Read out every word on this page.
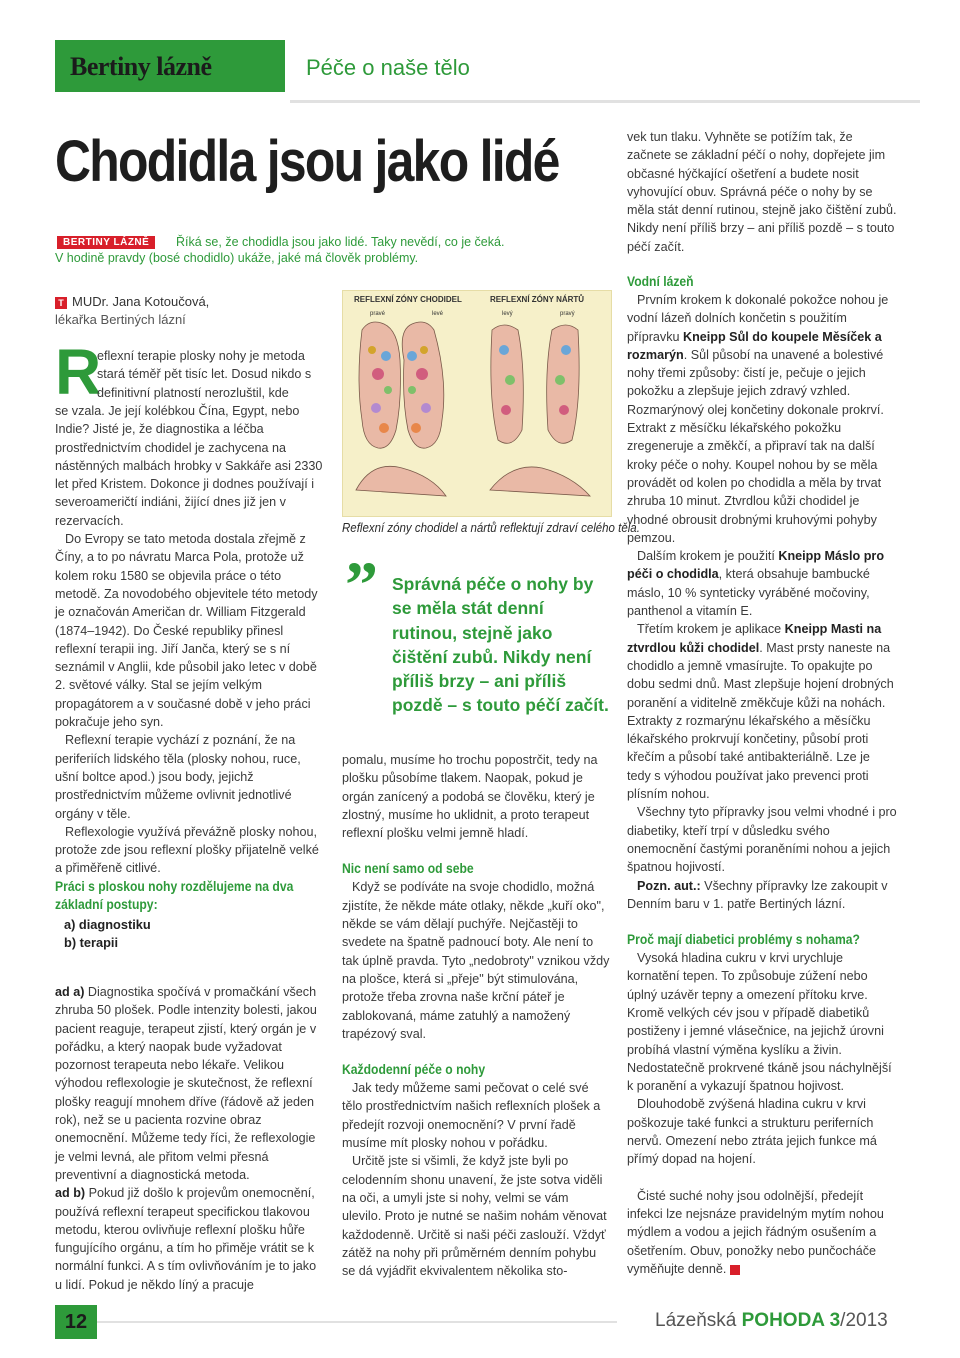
Bertiny lázně	Péče o naše tělo
Chodidla jsou jako lidé
BERTINY LÁZNĚ	Říká se, že chodidla jsou jako lidé. Taky nevědí, co je čeká.
V hodině pravdy (bosé chodidlo) ukáže, jaké má člověk problémy.
T MUDr. Jana Kotoučová,
lékařka Bertiných lázní
R

eflexní terapie plosky nohy je metoda stará téměř pět tisíc let. Dosud nikdo s definitivní platností nerozluštil, kde

se vzala. Je její kolébkou Čína, Egypt, nebo Indie? Jisté je, že diagnostika a léčba prostřednictvím chodidel je zachycena na nástěnných malbách hrobky v Sakkáře asi 2330 let před Kristem. Dokonce ji dodnes používají i severoameričtí indiáni, žijící dnes již jen v rezervacích.

Do Evropy se tato metoda dostala zřejmě z Číny, a to po návratu Marca Pola, protože už kolem roku 1580 se objevila práce o této metodě. Za novodobého objevitele této metody je označován Američan dr. William Fitzgerald (1874–1942). Do České republiky přinesl reflexní terapii ing. Jiří Janča, který se s ní seznámil v Anglii, kde působil jako letec v době 2. světové války. Stal se jejím velkým propagátorem a v současné době v jeho práci pokračuje jeho syn.

Reflexní terapie vychází z poznání, že na periferiích lidského těla (plosky nohou, ruce, ušní boltce apod.) jsou body, jejichž prostřednictvím můžeme ovlivnit jednotlivé orgány v těle.

Reflexologie využívá převážně plosky nohou, protože zde jsou reflexní plošky přijatelně velké a přiměřeně citlivé.

Práci s ploskou nohy rozdělujeme na dva základní postupy:
a) diagnostiku
b) terapii

ad a) Diagnostika spočívá v promačkání všech zhruba 50 plošek. Podle intenzity bolesti, jakou pacient reaguje, terapeut zjistí, který orgán je v pořádku, a který naopak bude vyžadovat pozornost terapeuta nebo lékaře. Velikou výhodou reflexologie je skutečnost, že reflexní plošky reagují mnohem dříve (řádově až jeden rok), než se u pacienta rozvine obraz onemocnění. Můžeme tedy říci, že reflexologie je velmi levná, ale přitom velmi přesná preventivní a diagnostická metoda.

ad b) Pokud již došlo k projevům onemocnění, používá reflexní terapeut specifickou tlakovou metodu, kterou ovlivňuje reflexní plošku hůře fungujícího orgánu, a tím ho přiměje vrátit se k normální funkci. A s tím ovlivňováním je to jako u lidí. Pokud je někdo líný a pracuje

REFLEXNÍ ZÓNY CHODIDEL	REFLEXNÍ ZÓNY NÁRTŮ
pravé	levé	levý	pravý
Reflexní zóny chodidel a nártů reflektují zdraví celého těla.
” Správná péče o nohy by se měla stát denní rutinou, stejně jako čištění zubů. Nikdy není příliš brzy – ani příliš pozdě – s touto péčí začít.

pomalu, musíme ho trochu popostrčit, tedy na plošku působíme tlakem. Naopak, pokud je orgán zanícený a podobá se člověku, který je zlostný, musíme ho uklidnit, a proto terapeut reflexní plošku velmi jemně hladí.

Nic není samo od sebe

Když se podíváte na svoje chodidlo, možná zjistíte, že někde máte otlaky, někde „kuří oko", někde se vám dělají puchýře. Nejčastěji to svedete na špatně padnoucí boty. Ale není to tak úplně pravda. Tyto „nedobroty" vznikou vždy na plošce, která si „přeje" být stimulována, protože třeba zrovna naše krční páteř je zablokovaná, máme zatuhlý a namožený trapézový sval.

Každodenní péče o nohy

Jak tedy můžeme sami pečovat o celé své tělo prostřednictvím našich reflexních plošek a předejít rozvoji onemocnění? V první řadě musíme mít plosky nohou v pořádku.

Určitě jste si všimli, že když jste byli po celodenním shonu unavení, že jste sotva viděli na oči, a umyli jste si nohy, velmi se vám ulevilo. Proto je nutné se našim nohám věnovat každodenně. Určitě si naši péči zaslouží. Vždyť zátěž na nohy při průměrném denním pohybu se dá vyjádřit ekvivalentem několika sto-

vek tun tlaku. Vyhněte se potížím tak, že začnete se základní péčí o nohy, dopřejete jim občasné hýčkající ošetření a budete nosit vyhovující obuv. Správná péče o nohy by se měla stát denní rutinou, stejně jako čištění zubů. Nikdy není příliš brzy – ani příliš pozdě – s touto péčí začít.

Vodní lázeň

Prvním krokem k dokonalé pokožce nohou je vodní lázeň dolních končetin s použitím přípravku Kneipp Sůl do koupele Měsíček a rozmarýn. Sůl působí na unavené a bolestivé nohy třemi způsoby: čistí je, pečuje o jejich pokožku a zlepšuje jejich zdravý vzhled. Rozmarýnový olej končetiny dokonale prokrví. Extrakt z měsíčku lékařského pokožku zregeneruje a změkčí, a připraví tak na další kroky péče o nohy. Koupel nohou by se měla provádět od kolen po chodidla a měla by trvat zhruba 10 minut. Ztvrdlou kůži chodidel je vhodné obrousit drobnými kruhovými pohyby pemzou.

Dalším krokem je použití Kneipp Máslo pro péči o chodidla, která obsahuje bambucké máslo, 10 % synteticky vyráběné močoviny, panthenol a vitamín E.

Třetím krokem je aplikace Kneipp Masti na ztvrdlou kůži chodidel. Mast prsty naneste na chodidlo a jemně vmasírujte. To opakujte po dobu sedmi dnů. Mast zlepšuje hojení drobných poranění a viditelně změkčuje kůži na nohách. Extrakty z rozmarýnu lékařského a měsíčku lékařského prokrvují končetiny, působí proti křečím a působí také antibakteriálně. Lze je tedy s výhodou používat jako prevenci proti plísním nohou.

Všechny tyto přípravky jsou velmi vhodné i pro diabetiky, kteří trpí v důsledku svého onemocnění častými poraněními nohou a jejich špatnou hojivostí.

Pozn. aut.: Všechny přípravky lze zakoupit v Denním baru v 1. patře Bertiných lázní.

Proč mají diabetici problémy s nohama?

Vysoká hladina cukru v krvi urychluje kornatění tepen. To způsobuje zúžení nebo úplný uzávěr tepny a omezení přítoku krve. Kromě velkých cév jsou v případě diabetiků postiženy i jemné vlásečnice, na jejichž úrovni probíhá vlastní výměna kyslíku a živin. Nedostatečně prokrvené tkáně jsou náchylnější k poranění a vykazují špatnou hojivost.

Dlouhodobě zvýšená hladina cukru v krvi poškozuje také funkci a strukturu periferních nervů. Omezení nebo ztráta jejich funkce má přímý dopad na hojení.

Čisté suché nohy jsou odolnější, předejít infekci lze nejsnáze pravidelným mytím nohou mýdlem a vodou a jejich řádným osušením a ošetřením. Obuv, ponožky nebo punčocháče vyměňujte denně.

12	Lázeňská POHODA 3/2013
